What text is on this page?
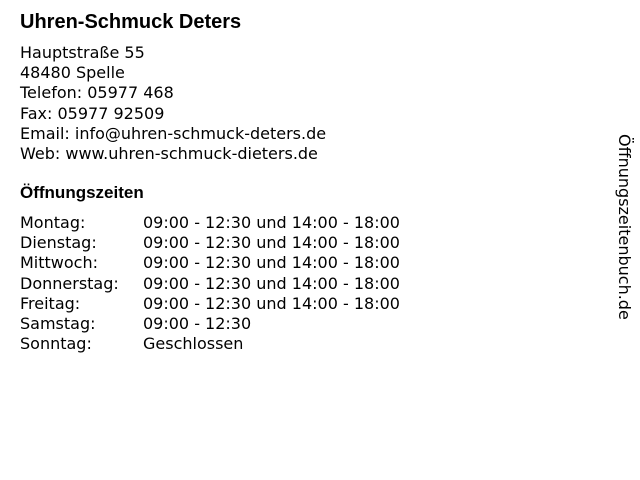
Uhren-Schmuck Deters
Hauptstraße 55
48480 Spelle
Telefon: 05977 468
Fax: 05977 92509
Email: info@uhren-schmuck-deters.de
Web: www.uhren-schmuck-dieters.de
Öffnungszeiten
Montag:	09:00 - 12:30 und 14:00 - 18:00
Dienstag:	09:00 - 12:30 und 14:00 - 18:00
Mittwoch:	09:00 - 12:30 und 14:00 - 18:00
Donnerstag:	09:00 - 12:30 und 14:00 - 18:00
Freitag:	09:00 - 12:30 und 14:00 - 18:00
Samstag:	09:00 - 12:30
Sonntag:	Geschlossen
Öffnungszeitenbuch.de
